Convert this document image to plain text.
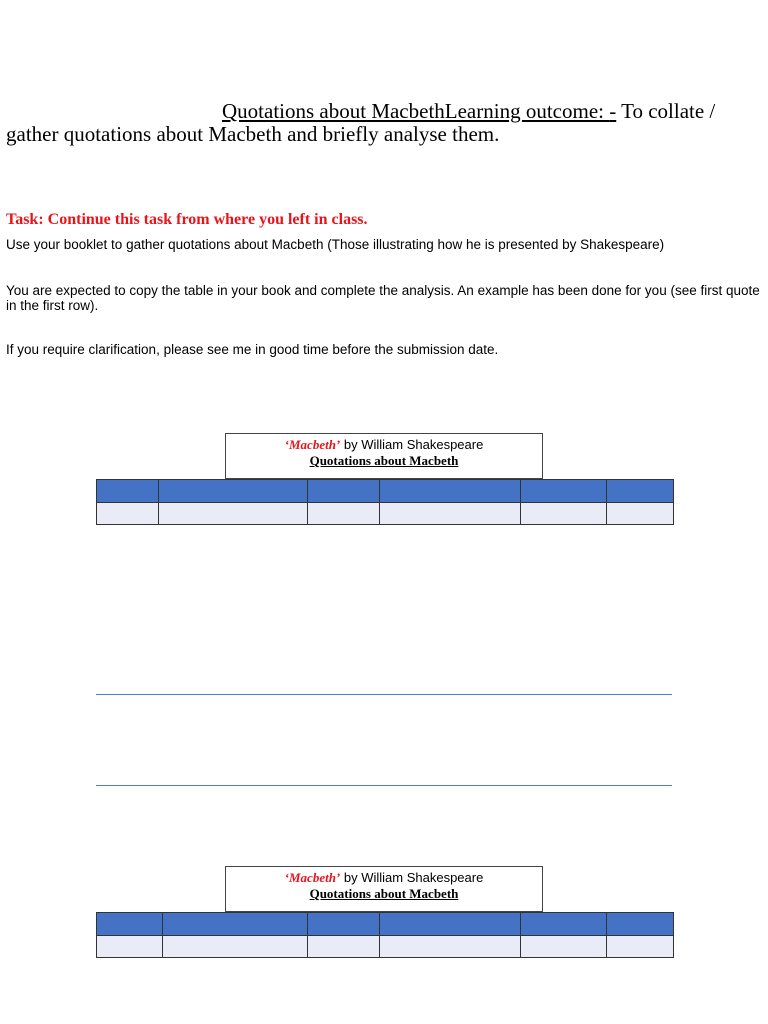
Quotations about MacbethLearning outcome: - To collate / gather quotations about Macbeth and briefly analyse them.
Task: Continue this task from where you left in class.
Use your booklet to gather quotations about Macbeth (Those illustrating how he is presented by Shakespeare)
You are expected to copy the table in your book and complete the analysis. An example has been done for you (see first quote in the first row).
If you require clarification, please see me in good time before the submission date.
‘Macbeth’ by William Shakespeare
Quotations about Macbeth

‘Macbeth’ by William Shakespeare
Quotations about Macbeth
